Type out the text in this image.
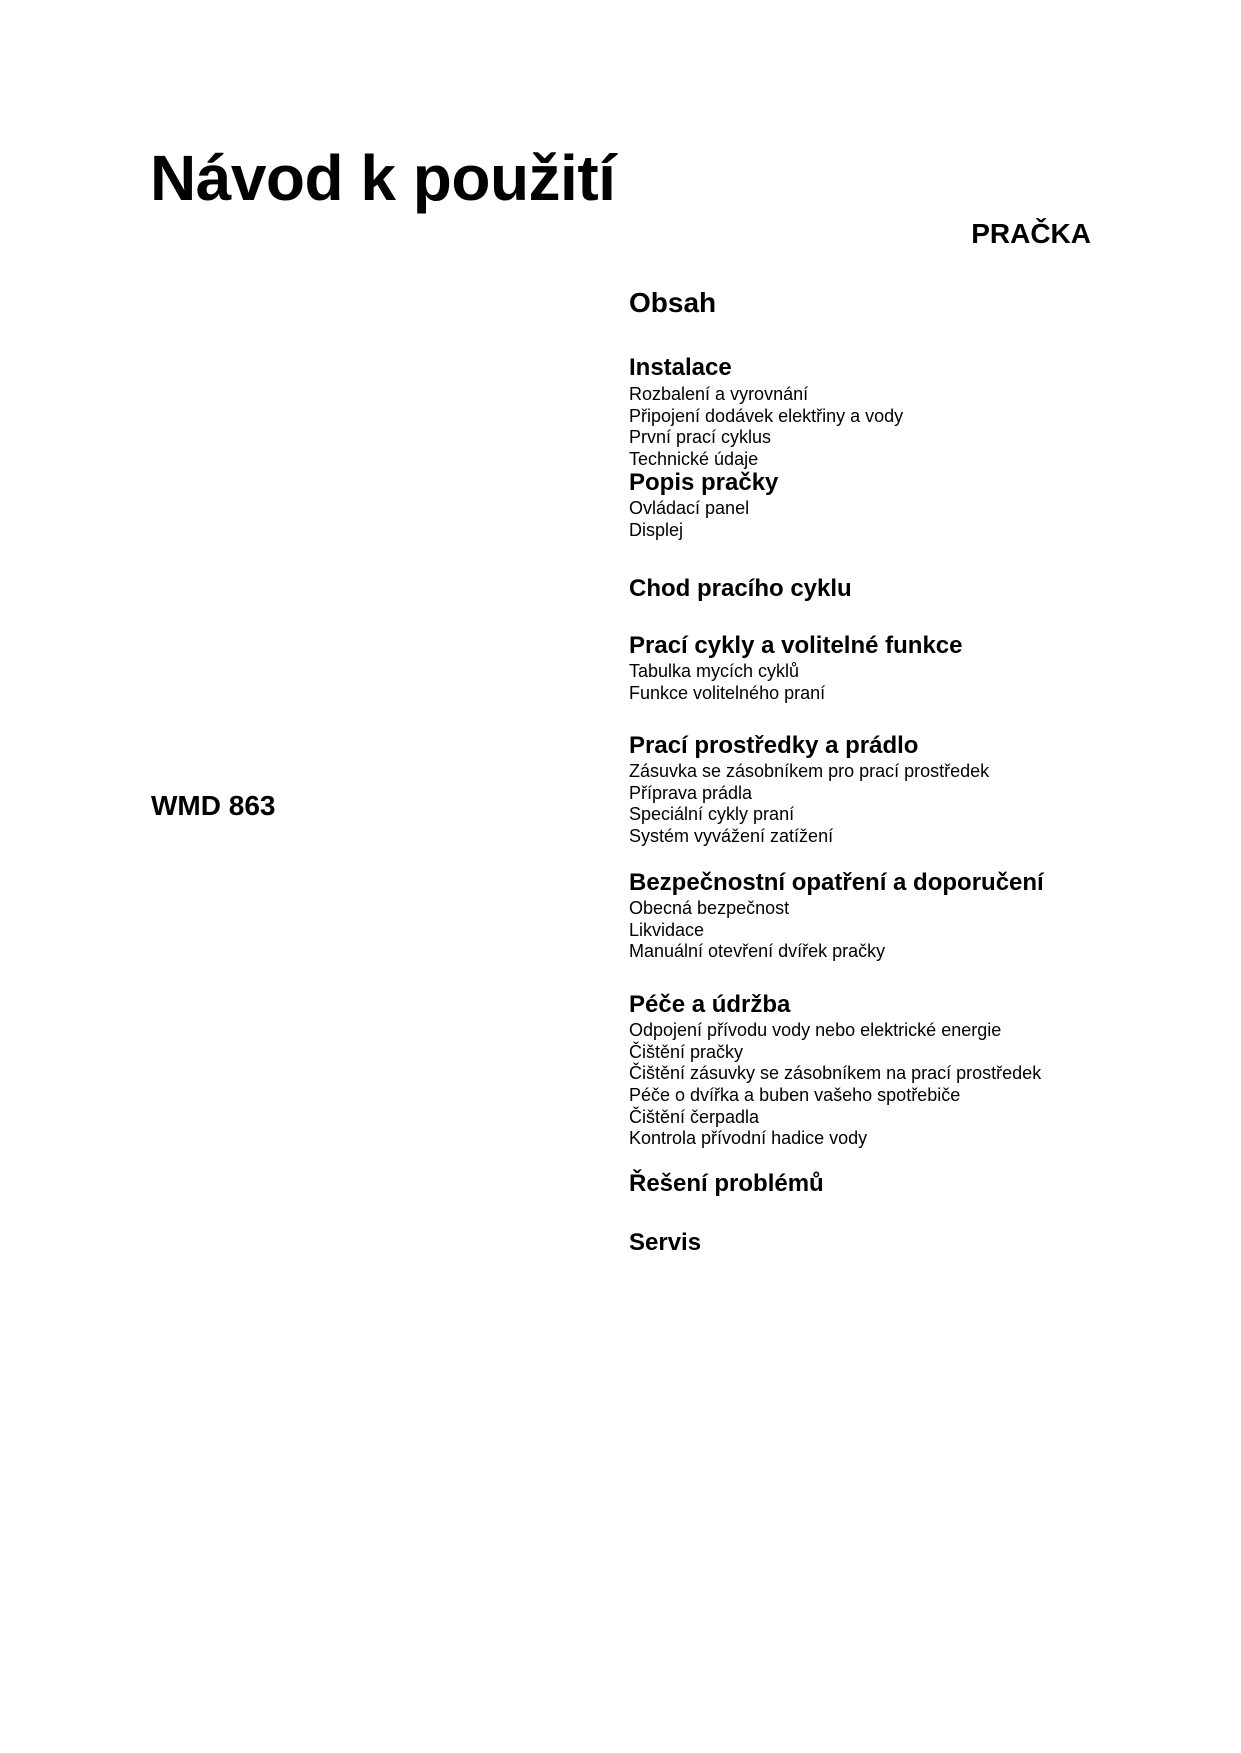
Návod k použití
PRAČKA
WMD 863
Obsah
Instalace
Rozbalení a vyrovnání
Připojení dodávek elektřiny a vody
První prací cyklus
Technické údaje
Popis pračky
Ovládací panel
Displej
Chod pracího cyklu
Prací cykly a volitelné funkce
Tabulka mycích cyklů
Funkce volitelného praní
Prací prostředky a prádlo
Zásuvka se zásobníkem pro prací prostředek
Příprava prádla
Speciální cykly praní
Systém vyvážení zatížení
Bezpečnostní opatření a doporučení
Obecná bezpečnost
Likvidace
Manuální otevření dvířek pračky
Péče a údržba
Odpojení přívodu vody nebo elektrické energie
Čištění pračky
Čištění zásuvky se zásobníkem na prací prostředek
Péče o dvířka a buben vašeho spotřebiče
Čištění čerpadla
Kontrola přívodní hadice vody
Řešení problémů
Servis
